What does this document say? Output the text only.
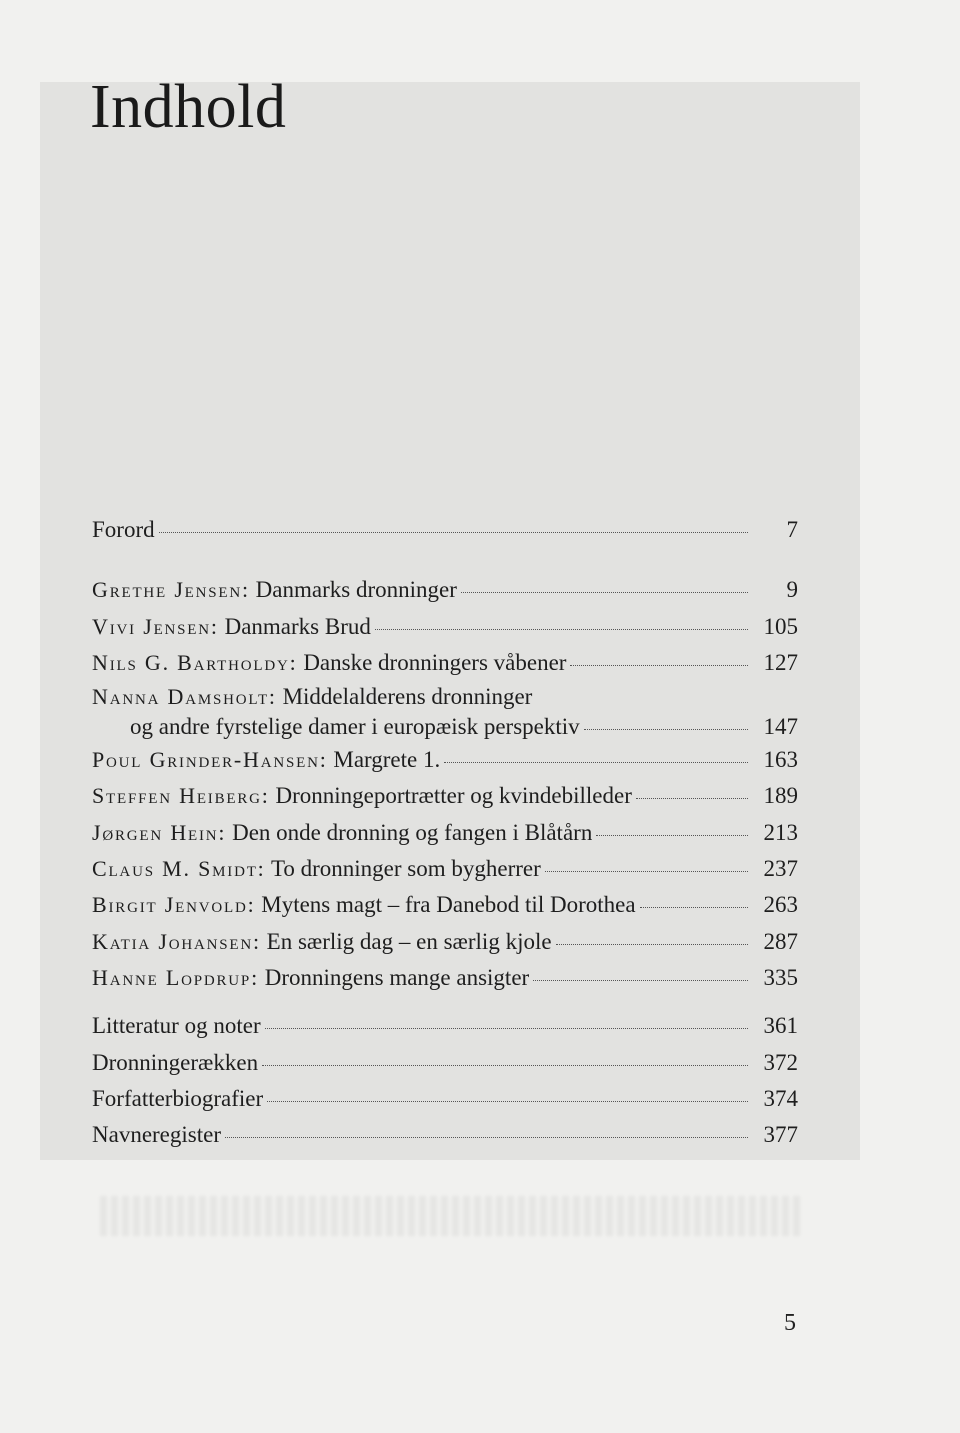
Indhold
Forord	7
Grethe Jensen: Danmarks dronninger	9
Vivi Jensen: Danmarks Brud	105
Nils G. Bartholdy: Danske dronningers våbener	127
Nanna Damsholt: Middelalderens dronninger
og andre fyrstelige damer i europæisk perspektiv	147
Poul Grinder-Hansen: Margrete 1.	163
Steffen Heiberg: Dronningeportrætter og kvindebilleder	189
Jørgen Hein: Den onde dronning og fangen i Blåtårn	213
Claus M. Smidt: To dronninger som bygherrer	237
Birgit Jenvold: Mytens magt – fra Danebod til Dorothea	263
Katia Johansen: En særlig dag – en særlig kjole	287
Hanne Lopdrup: Dronningens mange ansigter	335
Litteratur og noter	361
Dronningerækken	372
Forfatterbiografier	374
Navneregister	377
5
